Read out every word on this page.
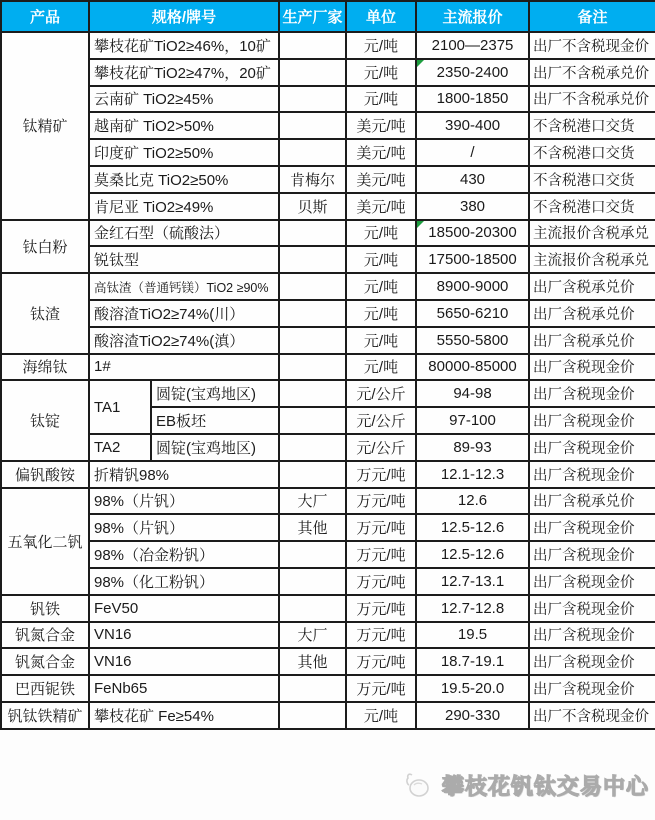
产品	规格/牌号		生产厂家	单位	主流报价	备注
钛精矿	攀枝花矿TiO2≥46%，10矿			元/吨	2100—2375	出厂不含税现金价
	攀枝花矿TiO2≥47%，20矿			元/吨	2350-2400	出厂不含税承兑价
	云南矿 TiO2≥45%			元/吨	1800-1850	出厂不含税承兑价
	越南矿 TiO2>50%			美元/吨	390-400	不含税港口交货
	印度矿 TiO2≥50%			美元/吨	/	不含税港口交货
	莫桑比克 TiO2≥50%		肯梅尔	美元/吨	430	不含税港口交货
	肯尼亚 TiO2≥49%		贝斯	美元/吨	380	不含税港口交货
钛白粉	金红石型（硫酸法）			元/吨	18500-20300	主流报价含税承兑
	锐钛型			元/吨	17500-18500	主流报价含税承兑
钛渣	高钛渣（普通钙镁）TiO2 ≥90%			元/吨	8900-9000	出厂含税承兑价
	酸溶渣TiO2≥74%(川）			元/吨	5650-6210	出厂含税承兑价
	酸溶渣TiO2≥74%(滇）			元/吨	5550-5800	出厂含税承兑价
海绵钛	1#			元/吨	80000-85000	出厂含税现金价
钛锭	TA1	圆锭(宝鸡地区)		元/公斤	94-98	出厂含税现金价
		EB板坯		元/公斤	97-100	出厂含税现金价
	TA2	圆锭(宝鸡地区)		元/公斤	89-93	出厂含税现金价
偏钒酸铵	折精钒98%			万元/吨	12.1-12.3	出厂含税现金价
五氧化二钒	98%（片钒）		大厂	万元/吨	12.6	出厂含税承兑价
	98%（片钒）		其他	万元/吨	12.5-12.6	出厂含税现金价
	98%（冶金粉钒）			万元/吨	12.5-12.6	出厂含税现金价
	98%（化工粉钒）			万元/吨	12.7-13.1	出厂含税现金价
钒铁	FeV50			万元/吨	12.7-12.8	出厂含税现金价
钒氮合金	VN16		大厂	万元/吨	19.5	出厂含税现金价
钒氮合金	VN16		其他	万元/吨	18.7-19.1	出厂含税现金价
巴西铌铁	FeNb65			万元/吨	19.5-20.0	出厂含税现金价
钒钛铁精矿	攀枝花矿 Fe≥54%			元/吨	290-330	出厂不含税现金价
攀枝花钒钛交易中心
